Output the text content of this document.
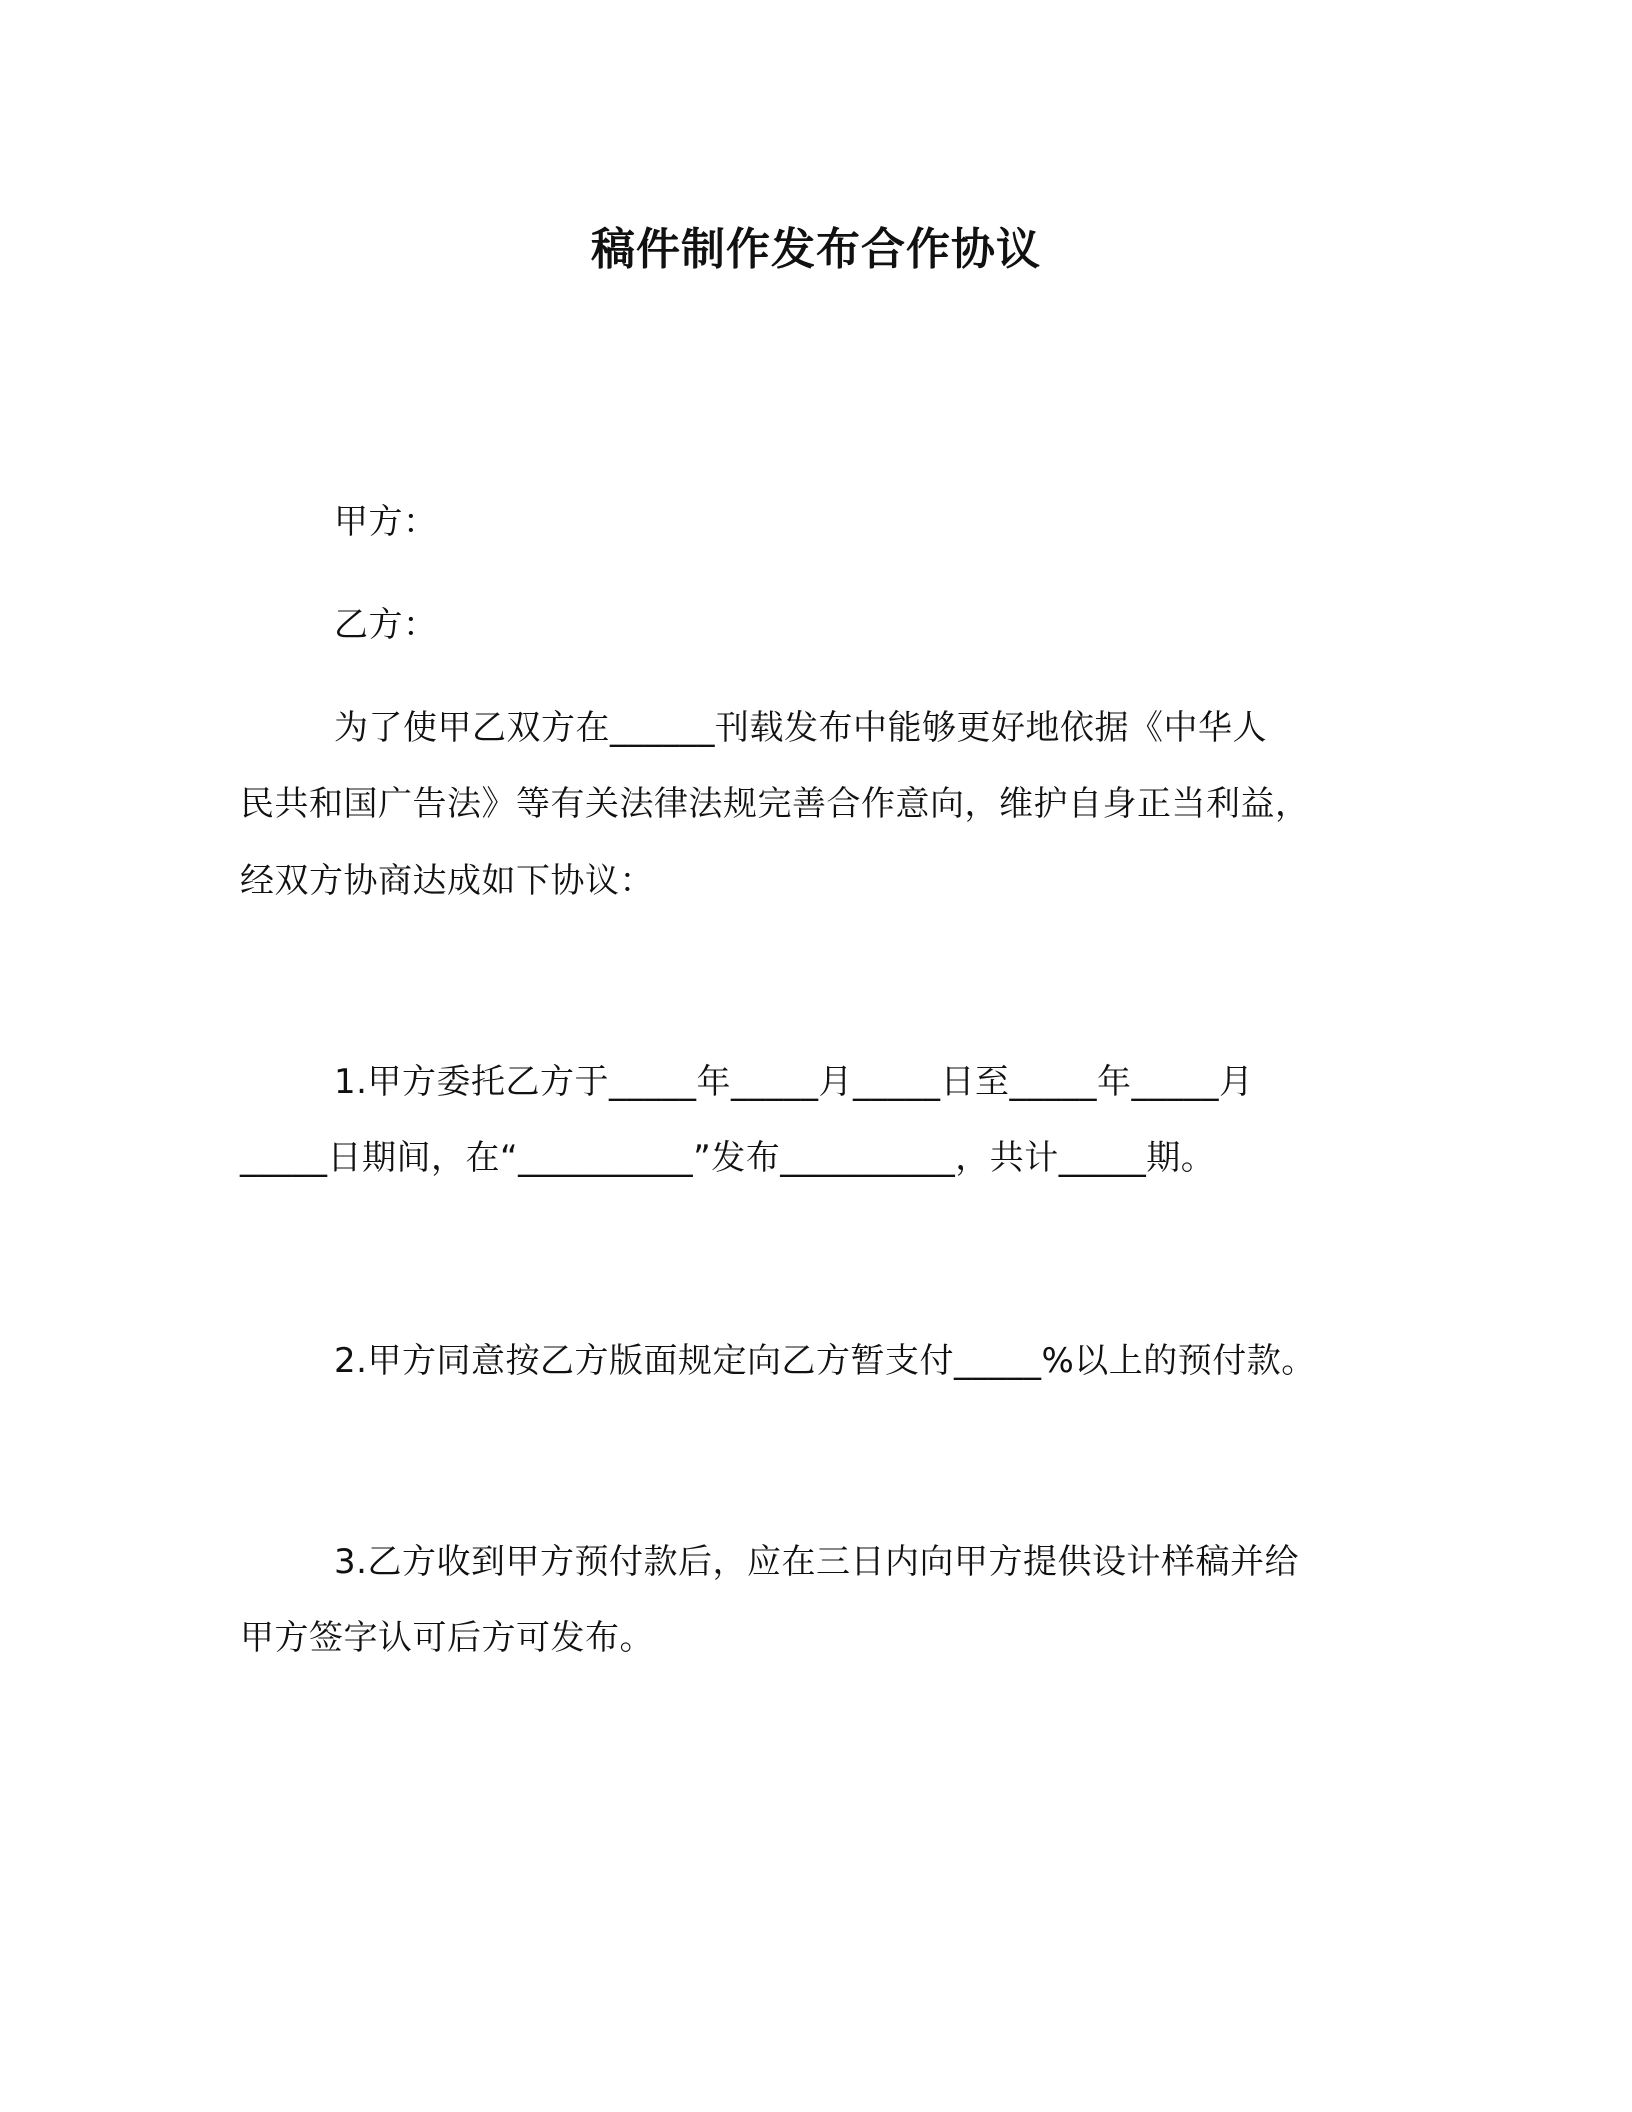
稿件制作发布合作协议
甲方：
乙方：
为了使甲乙双方在______刊载发布中能够更好地依据《中华人
民共和国广告法》等有关法律法规完善合作意向，维护自身正当利益，
经双方协商达成如下协议：
1.甲方委托乙方于_____年_____月_____日至_____年_____月
_____日期间，在“__________”发布__________，共计_____期。
2.甲方同意按乙方版面规定向乙方暂支付_____%以上的预付款。
3.乙方收到甲方预付款后，应在三日内向甲方提供设计样稿并给
甲方签字认可后方可发布。
